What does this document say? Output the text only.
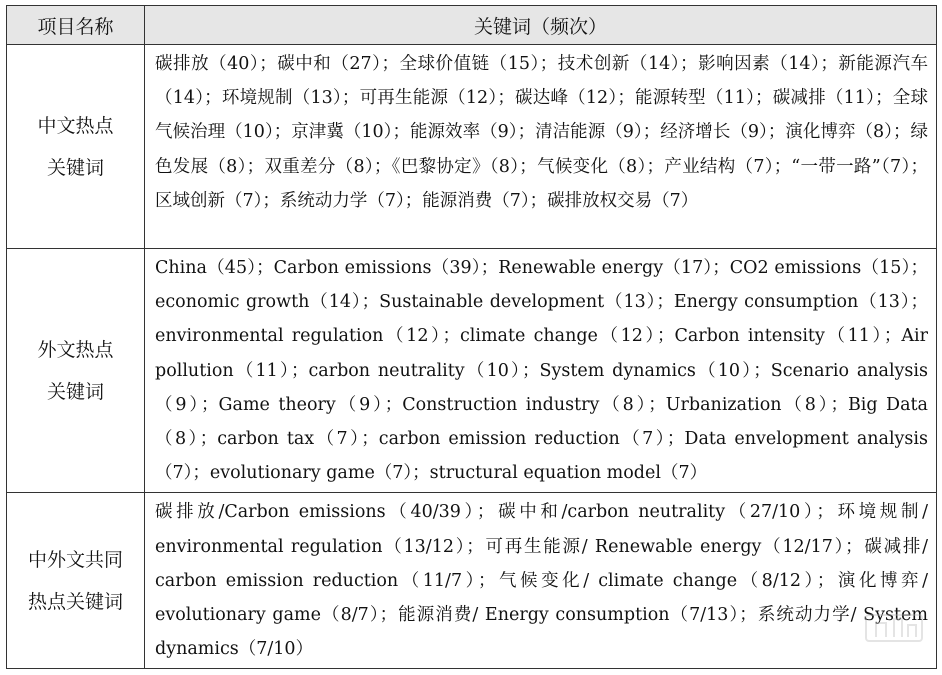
项目名称	关键词（频次）

中文热点
关键词	碳排放（40）；碳中和（27）；全球价值链（15）；技术创新（14）；影响因素（14）；新能源汽车（14）；环境规制（13）；可再生能源（12）；碳达峰（12）；能源转型（11）；碳减排（11）；全球气候治理（10）；京津冀（10）；能源效率（9）；清洁能源（9）；经济增长（9）；演化博弈（8）；绿色发展（8）；双重差分（8）；《巴黎协定》（8）；气候变化（8）；产业结构（7）；“一带一路”（7）；区域创新（7）；系统动力学（7）；能源消费（7）；碳排放权交易（7）

外文热点
关键词	China（45）；Carbon emissions（39）；Renewable energy（17）；CO2 emissions（15）；economic growth（14）；Sustainable development（13）；Energy consumption（13）；environmental regulation（12）；climate change（12）；Carbon intensity（11）；Air pollution（11）；carbon neutrality（10）；System dynamics（10）；Scenario analysis（9）；Game theory（9）；Construction industry（8）；Urbanization（8）；Big Data（8）；carbon tax（7）；carbon emission reduction（7）；Data envelopment analysis（7）；evolutionary game（7）；structural equation model（7）

中外文共同
热点关键词	碳排放/Carbon emissions（40/39）；碳中和/carbon neutrality（27/10）；环境规制/ environmental regulation（13/12）；可再生能源/ Renewable energy（12/17）；碳减排/ carbon emission reduction（11/7）；气候变化/ climate change（8/12）；演化博弈/ evolutionary game（8/7）；能源消费/ Energy consumption（7/13）；系统动力学/ System dynamics（7/10）
